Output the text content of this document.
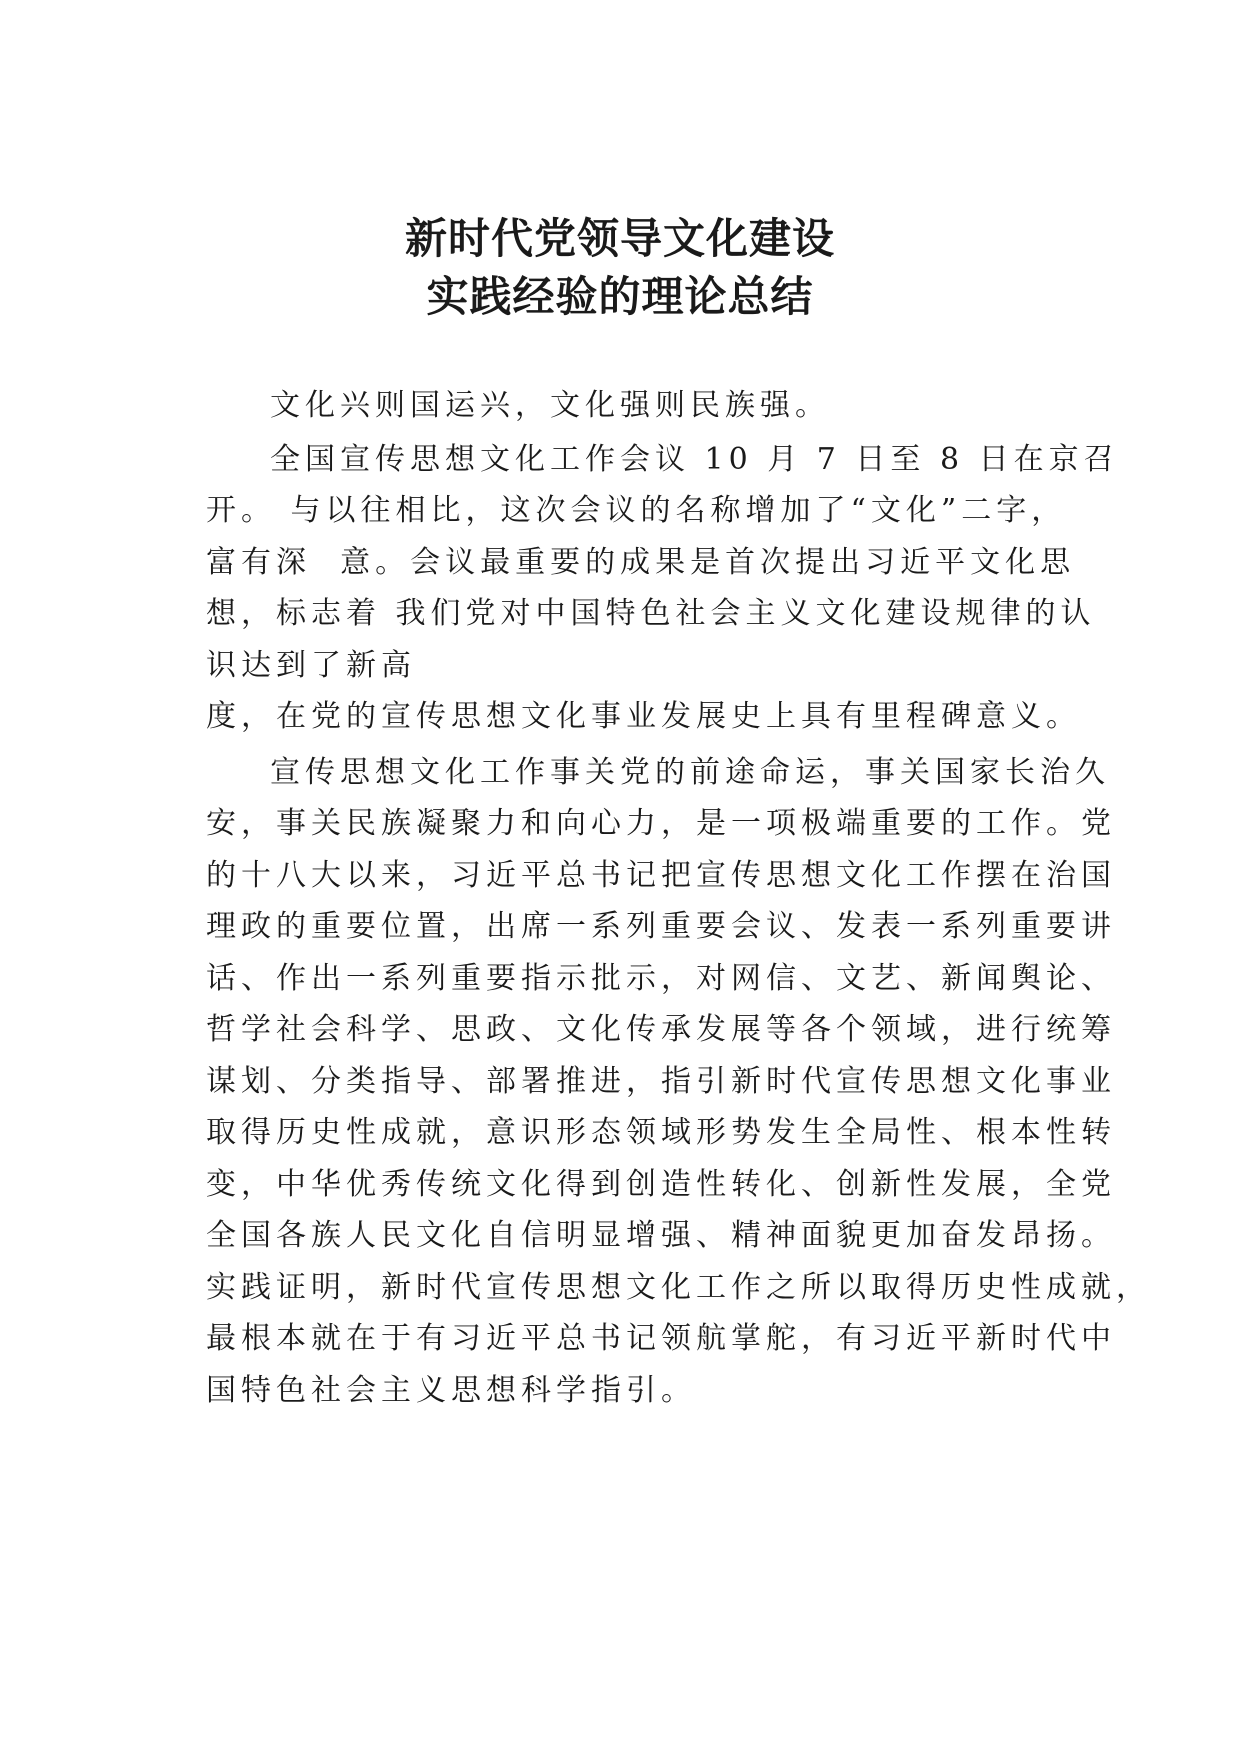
新时代党领导文化建设
实践经验的理论总结
文化兴则国运兴，文化强则民族强。
全国宣传思想文化工作会议 10 月 7 日至 8 日在京召
开。 与以往相比，这次会议的名称增加了“文化”二字，
富有深  意。会议最重要的成果是首次提出习近平文化思
想，标志着 我们党对中国特色社会主义文化建设规律的认
识达到了新高
度，在党的宣传思想文化事业发展史上具有里程碑意义。
宣传思想文化工作事关党的前途命运，事关国家长治久
安，事关民族凝聚力和向心力，是一项极端重要的工作。党
的十八大以来，习近平总书记把宣传思想文化工作摆在治国
理政的重要位置，出席一系列重要会议、发表一系列重要讲
话、作出一系列重要指示批示，对网信、文艺、新闻舆论、
哲学社会科学、思政、文化传承发展等各个领域，进行统筹
谋划、分类指导、部署推进，指引新时代宣传思想文化事业
取得历史性成就，意识形态领域形势发生全局性、根本性转
变，中华优秀传统文化得到创造性转化、创新性发展，全党
全国各族人民文化自信明显增强、精神面貌更加奋发昂扬。
实践证明，新时代宣传思想文化工作之所以取得历史性成就，
最根本就在于有习近平总书记领航掌舵，有习近平新时代中
国特色社会主义思想科学指引。
